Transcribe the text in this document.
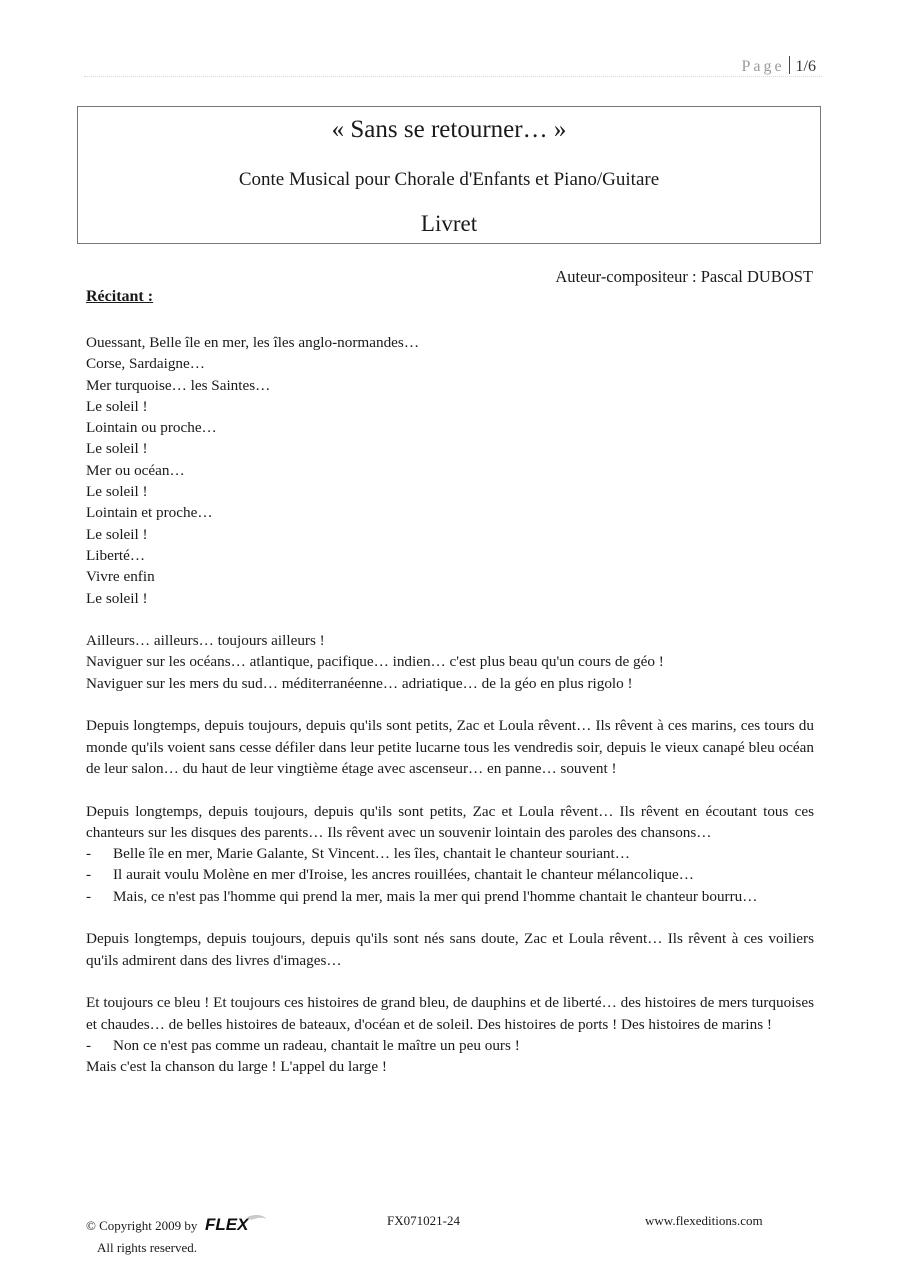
Page 1/6
« Sans se retourner… »
Conte Musical pour Chorale d'Enfants et Piano/Guitare
Livret
Auteur-compositeur : Pascal DUBOST
Récitant :
Ouessant, Belle île en mer, les îles anglo-normandes…
Corse, Sardaigne…
Mer turquoise… les Saintes…
Le soleil !
Lointain ou proche…
Le soleil !
Mer ou océan…
Le soleil !
Lointain et proche…
Le soleil !
Liberté…
Vivre enfin
Le soleil !
Ailleurs… ailleurs… toujours ailleurs !
Naviguer sur les océans… atlantique, pacifique… indien… c'est plus beau qu'un cours de géo !
Naviguer sur les mers du sud… méditerranéenne… adriatique… de la géo en plus rigolo !
Depuis longtemps, depuis toujours, depuis qu'ils sont petits, Zac et Loula rêvent… Ils rêvent à ces marins, ces tours du monde qu'ils voient sans cesse défiler dans leur petite lucarne tous les vendredis soir, depuis le vieux canapé bleu océan de leur salon… du haut de leur vingtième étage avec ascenseur… en panne… souvent !
Depuis longtemps, depuis toujours, depuis qu'ils sont petits, Zac et Loula rêvent… Ils rêvent en écoutant tous ces chanteurs sur les disques des parents… Ils rêvent avec un souvenir lointain des paroles des chansons…
- Belle île en mer, Marie Galante, St Vincent… les îles, chantait le chanteur souriant…
- Il aurait voulu Molène en mer d'Iroise, les ancres rouillées, chantait le chanteur mélancolique…
- Mais, ce n'est pas l'homme qui prend la mer, mais la mer qui prend l'homme chantait le chanteur bourru…
Depuis longtemps, depuis toujours, depuis qu'ils sont nés sans doute, Zac et Loula rêvent… Ils rêvent à ces voiliers qu'ils admirent dans des livres d'images…
Et toujours ce bleu ! Et toujours ces histoires de grand bleu, de dauphins et de liberté… des histoires de mers turquoises et chaudes… de belles histoires de bateaux, d'océan et de soleil. Des histoires de ports ! Des histoires de marins !
- Non ce n'est pas comme un radeau, chantait le maître un peu ours !
Mais c'est la chanson du large ! L'appel du large !
© Copyright 2009 by FLEX
All rights reserved.
FX071021-24	www.flexeditions.com
